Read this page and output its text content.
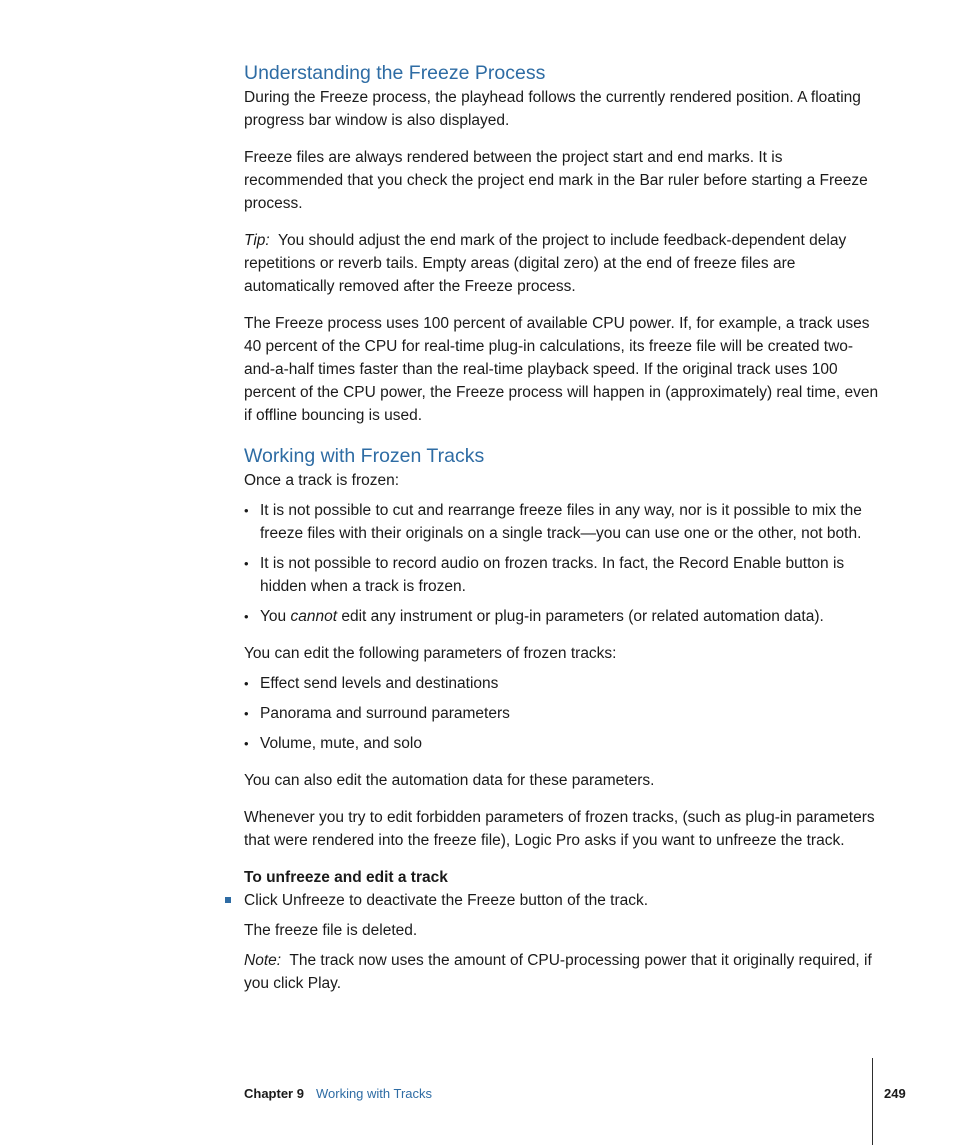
Understanding the Freeze Process

During the Freeze process, the playhead follows the currently rendered position. A floating progress bar window is also displayed.

Freeze files are always rendered between the project start and end marks. It is recommended that you check the project end mark in the Bar ruler before starting a Freeze process.

Tip: You should adjust the end mark of the project to include feedback-dependent delay repetitions or reverb tails. Empty areas (digital zero) at the end of freeze files are automatically removed after the Freeze process.

The Freeze process uses 100 percent of available CPU power. If, for example, a track uses 40 percent of the CPU for real-time plug-in calculations, its freeze file will be created two-and-a-half times faster than the real-time playback speed. If the original track uses 100 percent of the CPU power, the Freeze process will happen in (approximately) real time, even if offline bouncing is used.

Working with Frozen Tracks

Once a track is frozen:

• It is not possible to cut and rearrange freeze files in any way, nor is it possible to mix the freeze files with their originals on a single track—you can use one or the other, not both.
• It is not possible to record audio on frozen tracks. In fact, the Record Enable button is hidden when a track is frozen.
• You cannot edit any instrument or plug-in parameters (or related automation data).

You can edit the following parameters of frozen tracks:

• Effect send levels and destinations
• Panorama and surround parameters
• Volume, mute, and solo

You can also edit the automation data for these parameters.

Whenever you try to edit forbidden parameters of frozen tracks, (such as plug-in parameters that were rendered into the freeze file), Logic Pro asks if you want to unfreeze the track.

To unfreeze and edit a track

Click Unfreeze to deactivate the Freeze button of the track.

The freeze file is deleted.

Note: The track now uses the amount of CPU-processing power that it originally required, if you click Play.

Chapter 9 Working with Tracks	249
